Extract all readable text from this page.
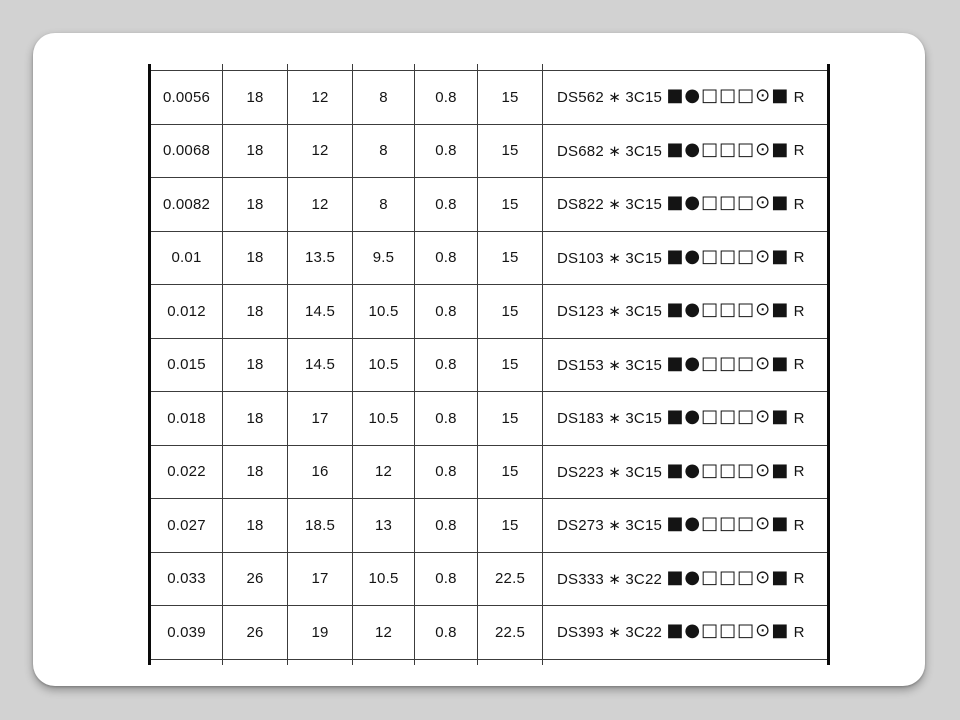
0.0056	18	12	8	0.8	15	DS562 ∗ 3C15
■●□□□⊙■
R
0.0068	18	12	8	0.8	15	DS682 ∗ 3C15
■●□□□⊙■
R
0.0082	18	12	8	0.8	15	DS822 ∗ 3C15
■●□□□⊙■
R
0.01	18	13.5	9.5	0.8	15	DS103 ∗ 3C15
■●□□□⊙■
R
0.012	18	14.5	10.5	0.8	15	DS123 ∗ 3C15
■●□□□⊙■
R
0.015	18	14.5	10.5	0.8	15	DS153 ∗ 3C15
■●□□□⊙■
R
0.018	18	17	10.5	0.8	15	DS183 ∗ 3C15
■●□□□⊙■
R
0.022	18	16	12	0.8	15	DS223 ∗ 3C15
■●□□□⊙■
R
0.027	18	18.5	13	0.8	15	DS273 ∗ 3C15
■●□□□⊙■
R
0.033	26	17	10.5	0.8	22.5	DS333 ∗ 3C22
■●□□□⊙■
R
0.039	26	19	12	0.8	22.5	DS393 ∗ 3C22
■●□□□⊙■
R
